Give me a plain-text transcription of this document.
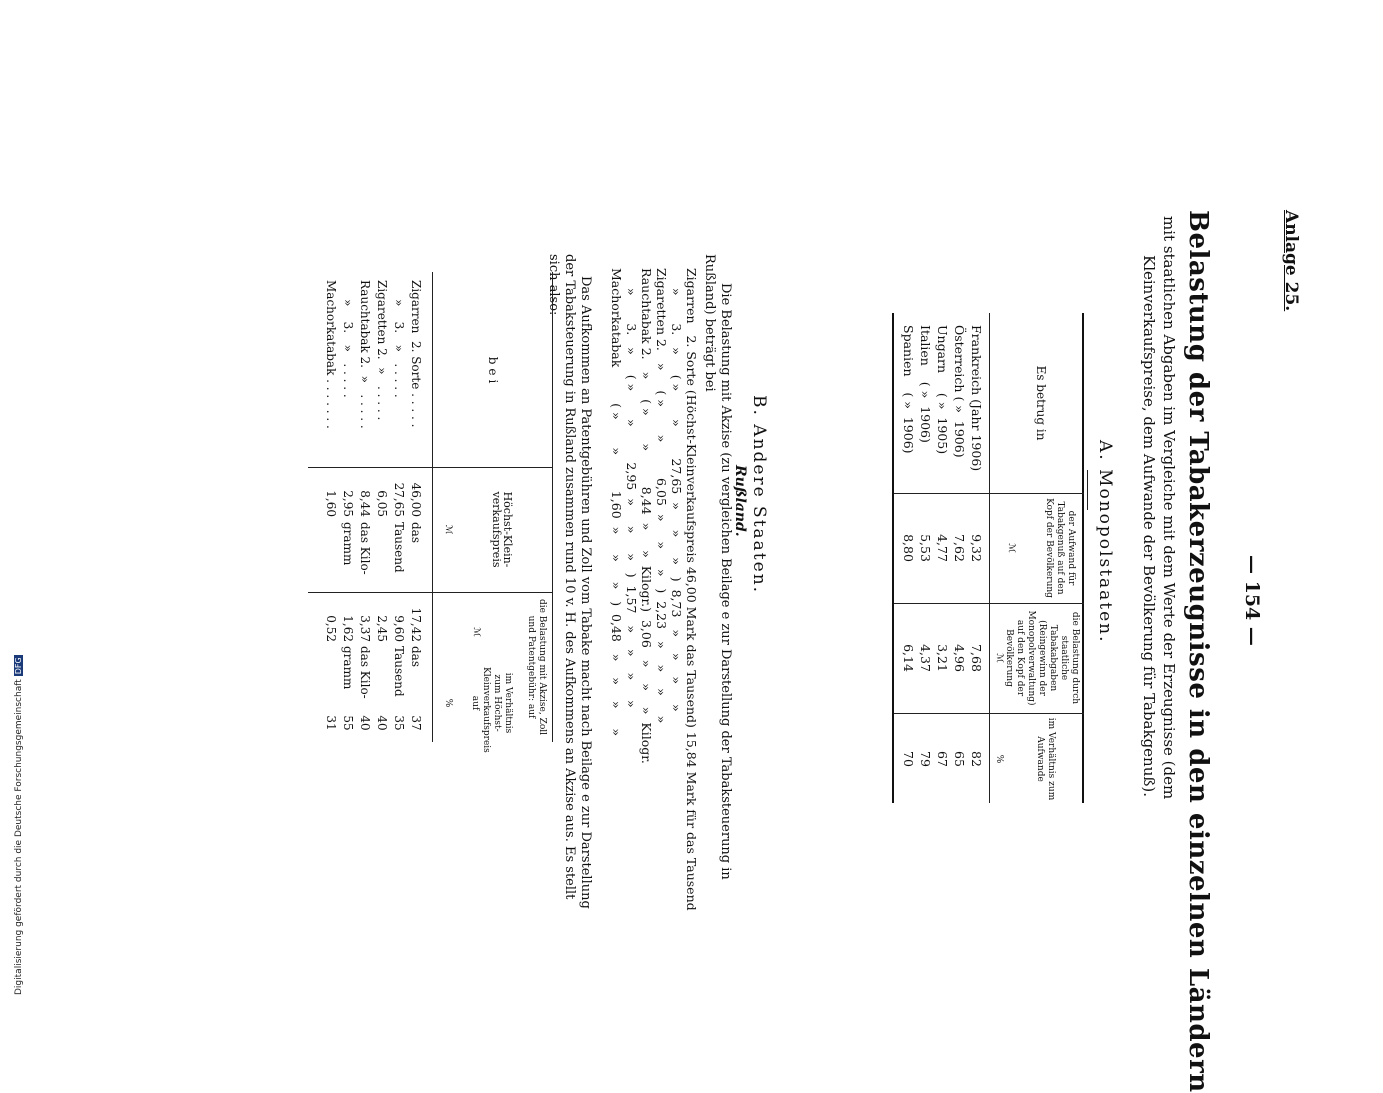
Anlage 25.
— 154 —
Belastung der Tabakerzeugnisse in den einzelnen Ländern
mit staatlichen Abgaben im Vergleiche mit dem Werte der Erzeugnisse (dem
Kleinverkaufspreise, dem Aufwande der Bevölkerung für Tabakgenuß).
A. Monopolstaaten.
Es betrug in
der Aufwand für Tabakgenuß auf den Kopf der Bevölkerung
ℳ
die Belastung durch staatliche Tabakabgaben (Reingewinn der Monopolverwaltung) auf den Kopf der Bevölkerung
ℳ
im Verhältnis zum Aufwande
%
Frankreich (Jahr 1906)
9,32
7,68
82
Österreich ( »  1906)
7,62
4,96
65
Ungarn     ( »  1905)
4,77
3,21
67
Italien    ( »  1906)
5,53
4,37
79
Spanien    ( »  1906)
8,80
6,14
70
B. Andere Staaten.
Rußland.
Die Belastung mit Akzise (zu vergleichen Beilage e zur Darstellung der Tabaksteuerung in
Rußland) beträgt bei
Zigarren   2. Sorte (Höchst-Kleinverkaufspreis 46,00 Mark das Tausend) 15,84 Mark für das Tausend
»       3.   »     ( »       »        27,65  »     »     »   )  8,73   »    »    »     »
Zigaretten 2.   »     ( »       »         6,05  »     »     »   )  2,23   »    »    »     »
Rauchtabak 2.   »     ( »       »         8,44  »     »  Kilogr.)  3,06   »    »    »  Kilogr.
»       3.   »     ( »       »         2,95  »     »     »   )  1,57   »    »    »     »
Machorkatabak         ( »       »         1,60  »     »     »   )  0,48   »    »    »     »
Das Aufkommen an Patentgebühren und Zoll vom Tabake macht nach Beilage e zur Darstellung
der Tabaksteuerung in Rußland zusammen rund 10 v. H. des Aufkommens an Akzise aus. Es stellt
sich also:
bei
Höchst-Klein-verkaufspreis
ℳ
die Belastung mit Akzise, Zoll und Patentgebühr: auf
ℳ
im Verhältnis zum Höchst-Kleinverkaufspreis auf
%
Zigarren  2. Sorte . . . . .
46,00
das
17,42
das
37
»    3.   »   . . . . .
27,65
Tausend
9,60
Tausend
35
Zigaretten 2.  »   . . . . .
6,05
2,45
40
Rauchtabak 2.  »   . . . . .
8,44
das Kilo-
3,37
das Kilo-
40
»    3.   »   . . . . .
2,95
gramm
1,62
gramm
55
Machorkatabak . . . . . . .
1,60
0,52
31
Digitalisierung gefördert durch die Deutsche ForschungsgemeinschaftDFG
